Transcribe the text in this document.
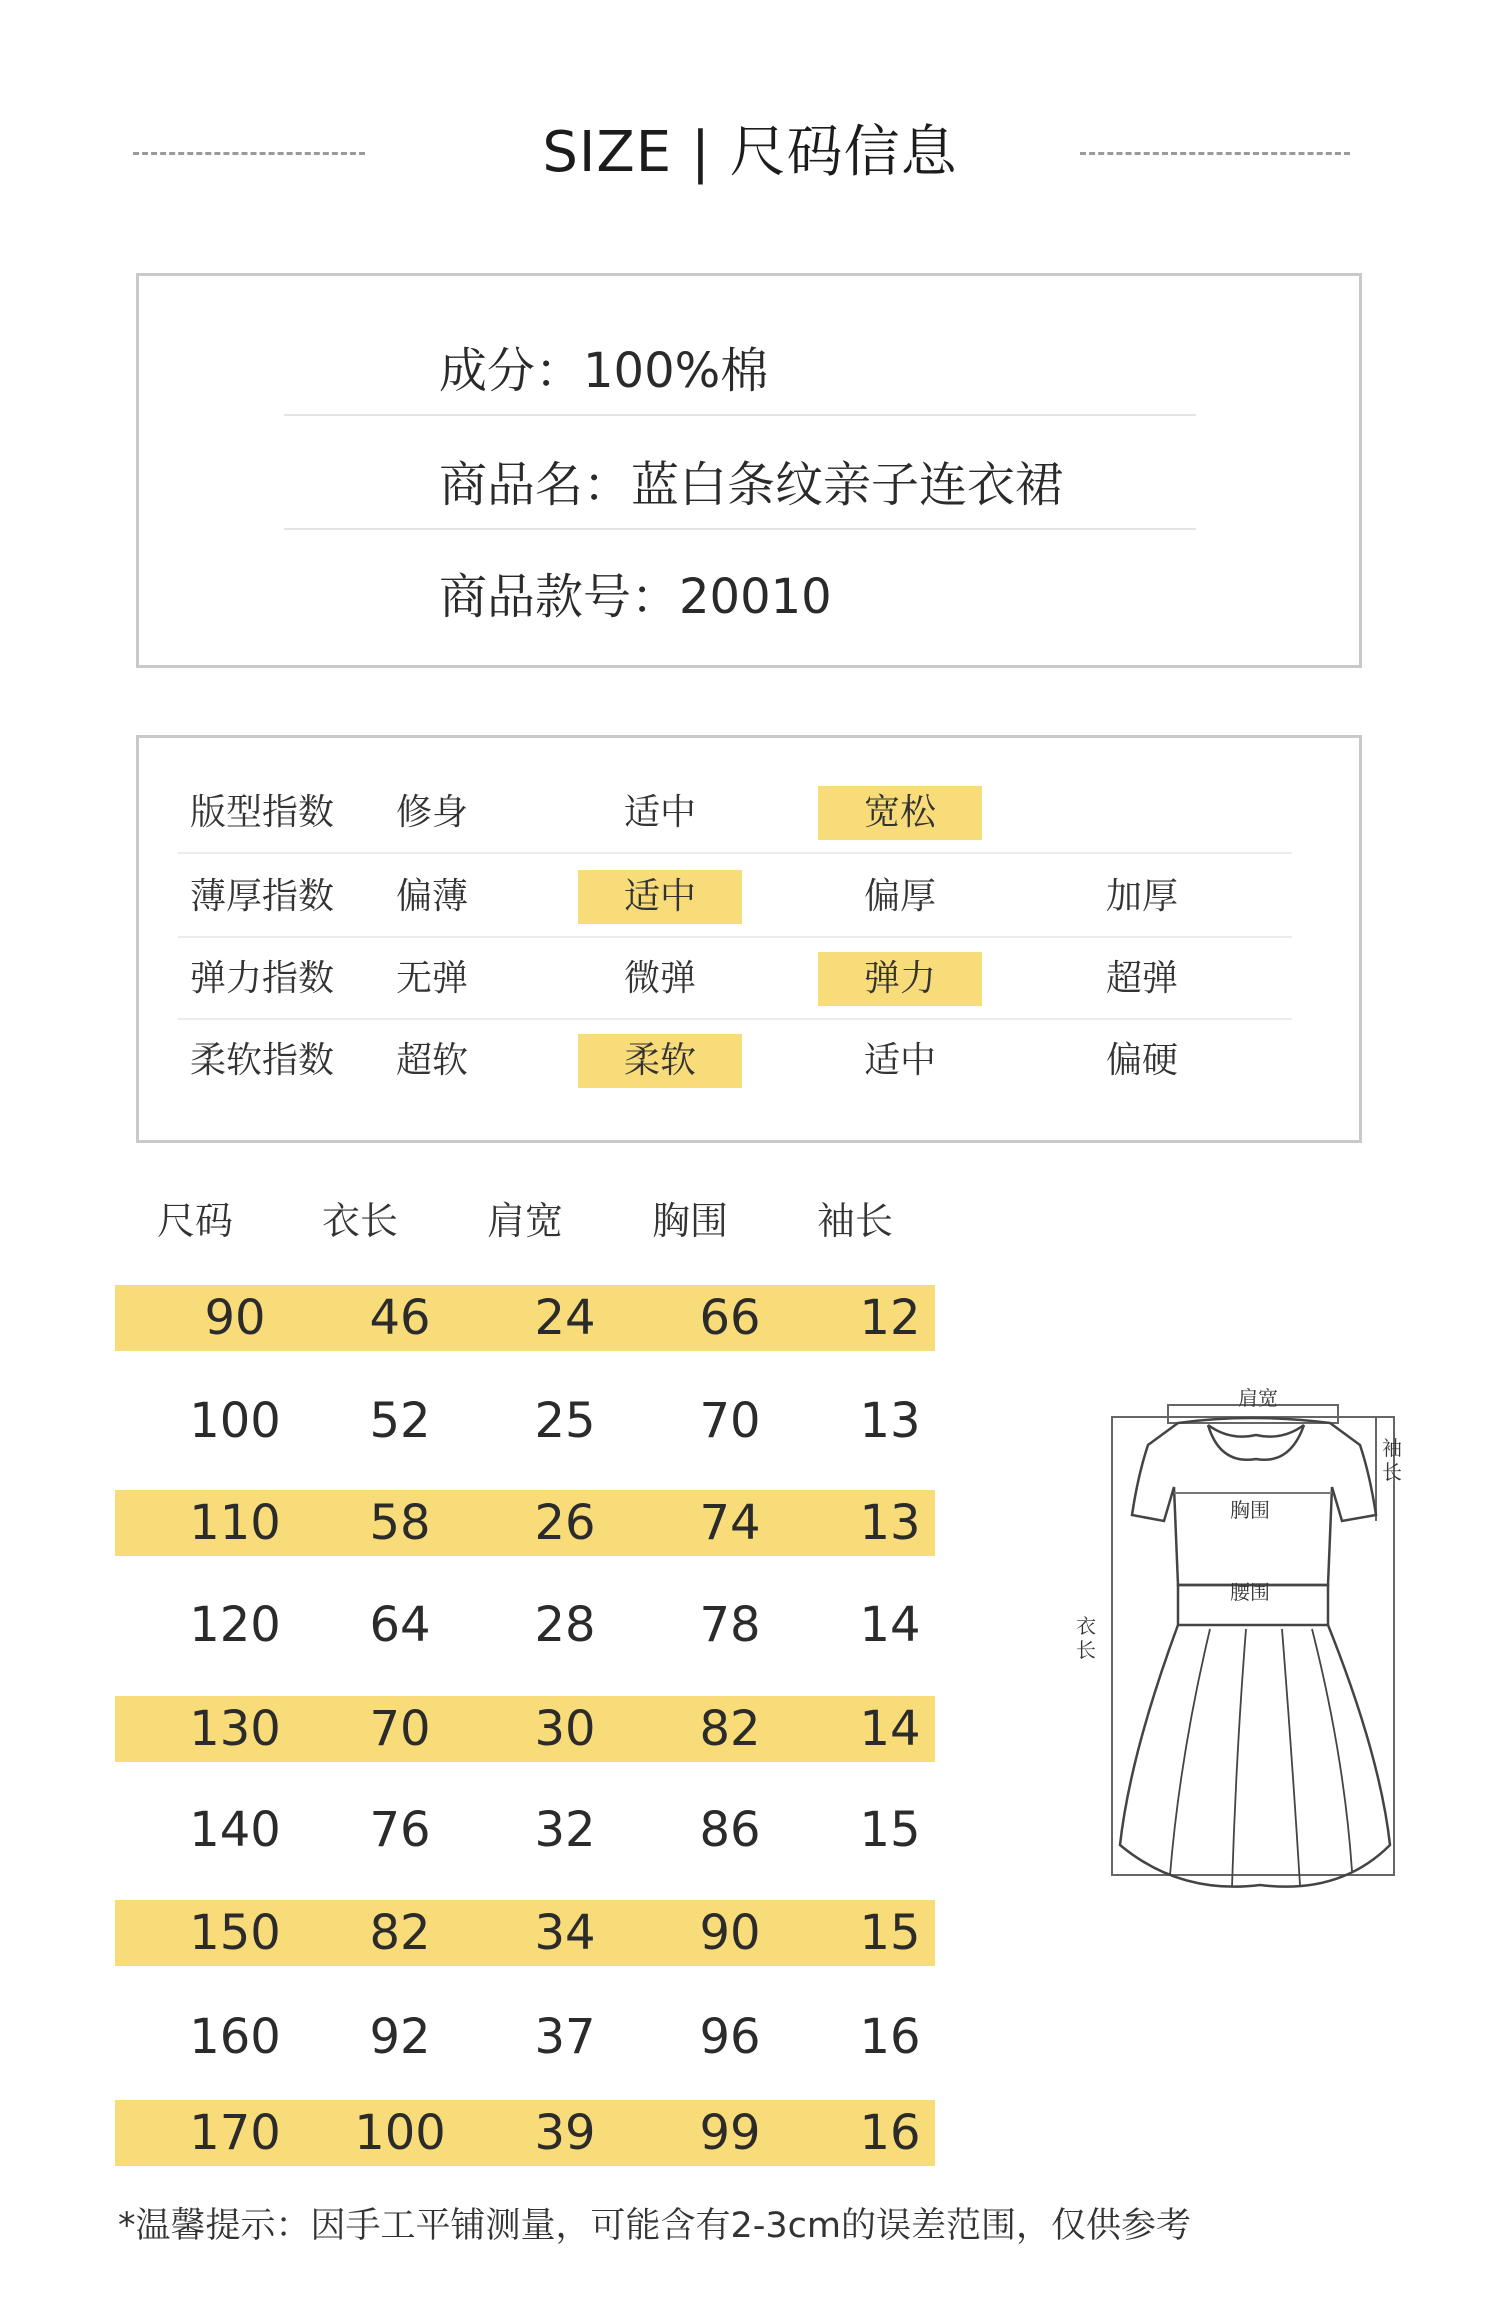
SIZE | 尺码信息
成分：100%棉
商品名：蓝白条纹亲子连衣裙
商品款号：20010
版型指数	修身	适中	宽松
薄厚指数	偏薄	适中	偏厚	加厚
弹力指数	无弹	微弹	弹力	超弹
柔软指数	超软	柔软	适中	偏硬
尺码	衣长	肩宽	胸围	袖长
90	46	24	66	12
100	52	25	70	13
110	58	26	74	13
120	64	28	78	14
130	70	30	82	14
140	76	32	86	15
150	82	34	90	15
160	92	37	96	16
170	100	39	99	16
肩宽
胸围
腰围
袖
长
衣
长
*温馨提示：因手工平铺测量，可能含有2-3cm的误差范围，仅供参考
